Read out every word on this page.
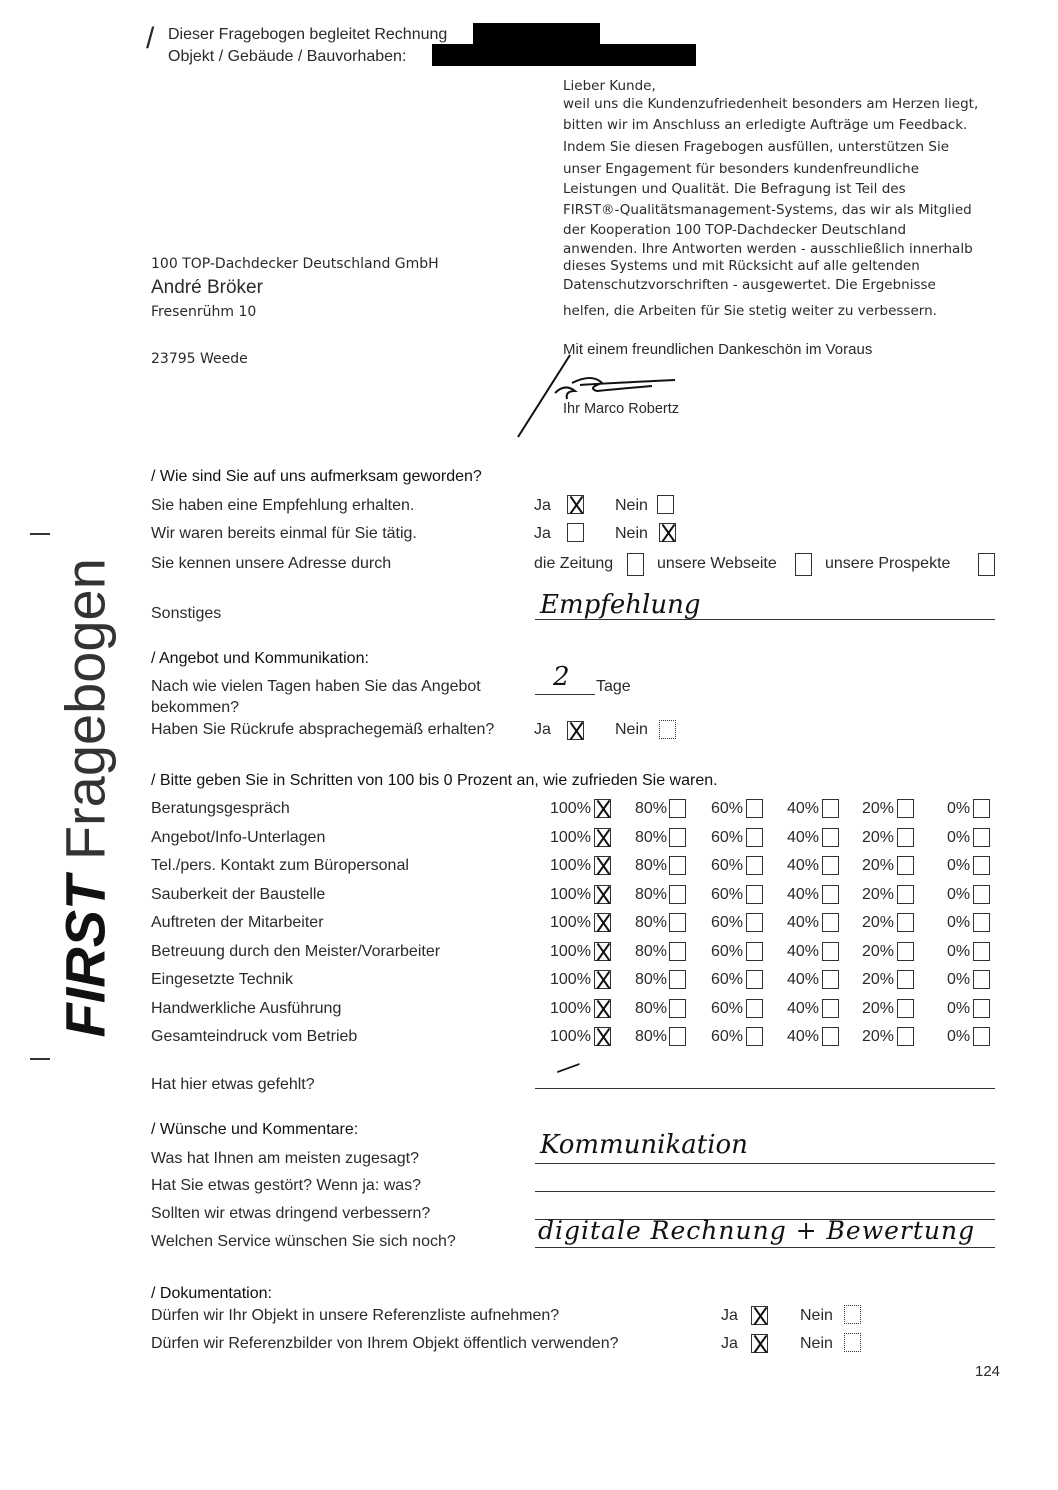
/ Dieser Fragebogen begleitet Rechnung
Objekt / Gebäude / Bauvorhaben:
Lieber Kunde,
weil uns die Kundenzufriedenheit besonders am Herzen liegt,
bitten wir im Anschluss an erledigte Aufträge um Feedback.
Indem Sie diesen Fragebogen ausfüllen, unterstützen Sie
unser Engagement für besonders kundenfreundliche
Leistungen und Qualität. Die Befragung ist Teil des
FIRST®-Qualitätsmanagement-Systems, das wir als Mitglied
der Kooperation 100 TOP-Dachdecker Deutschland
anwenden. Ihre Antworten werden - ausschließlich innerhalb
dieses Systems und mit Rücksicht auf alle geltenden
Datenschutzvorschriften - ausgewertet. Die Ergebnisse
helfen, die Arbeiten für Sie stetig weiter zu verbessern.
Mit einem freundlichen Dankeschön im Voraus
Ihr Marco Robertz
100 TOP-Dachdecker Deutschland GmbH
André Bröker
Fresenrühm 10
23795 Weede
FIRST Fragebogen
/ Wie sind Sie auf uns aufmerksam geworden?
Sie haben eine Empfehlung erhalten.	Ja	Nein
Wir waren bereits einmal für Sie tätig.	Ja	Nein
Sie kennen unsere Adresse durch	die Zeitung	unsere Webseite	unsere Prospekte
Sonstiges	Empfehlung
/ Angebot und Kommunikation:
Nach wie vielen Tagen haben Sie das Angebot
bekommen?
2 Tage
Haben Sie Rückrufe absprachegemäß erhalten? Ja	Nein
/ Bitte geben Sie in Schritten von 100 bis 0 Prozent an, wie zufrieden Sie waren.
Beratungsgespräch	100%	80%	60%	40%	20%	0%
Angebot/Info-Unterlagen	100%	80%	60%	40%	20%	0%
Tel./pers. Kontakt zum Büropersonal	100%	80%	60%	40%	20%	0%
Sauberkeit der Baustelle	100%	80%	60%	40%	20%	0%
Auftreten der Mitarbeiter	100%	80%	60%	40%	20%	0%
Betreuung durch den Meister/Vorarbeiter	100%	80%	60%	40%	20%	0%
Eingesetzte Technik	100%	80%	60%	40%	20%	0%
Handwerkliche Ausführung	100%	80%	60%	40%	20%	0%
Gesamteindruck vom Betrieb	100%	80%	60%	40%	20%	0%
Hat hier etwas gefehlt?	—
/ Wünsche und Kommentare:
Was hat Ihnen am meisten zugesagt?	Kommunikation
Hat Sie etwas gestört? Wenn ja: was?
Sollten wir etwas dringend verbessern?
Welchen Service wünschen Sie sich noch?	digitale Rechnung + Bewertung
/ Dokumentation:
Dürfen wir Ihr Objekt in unsere Referenzliste aufnehmen?	Ja	Nein
Dürfen wir Referenzbilder von Ihrem Objekt öffentlich verwenden?	Ja	Nein
124
